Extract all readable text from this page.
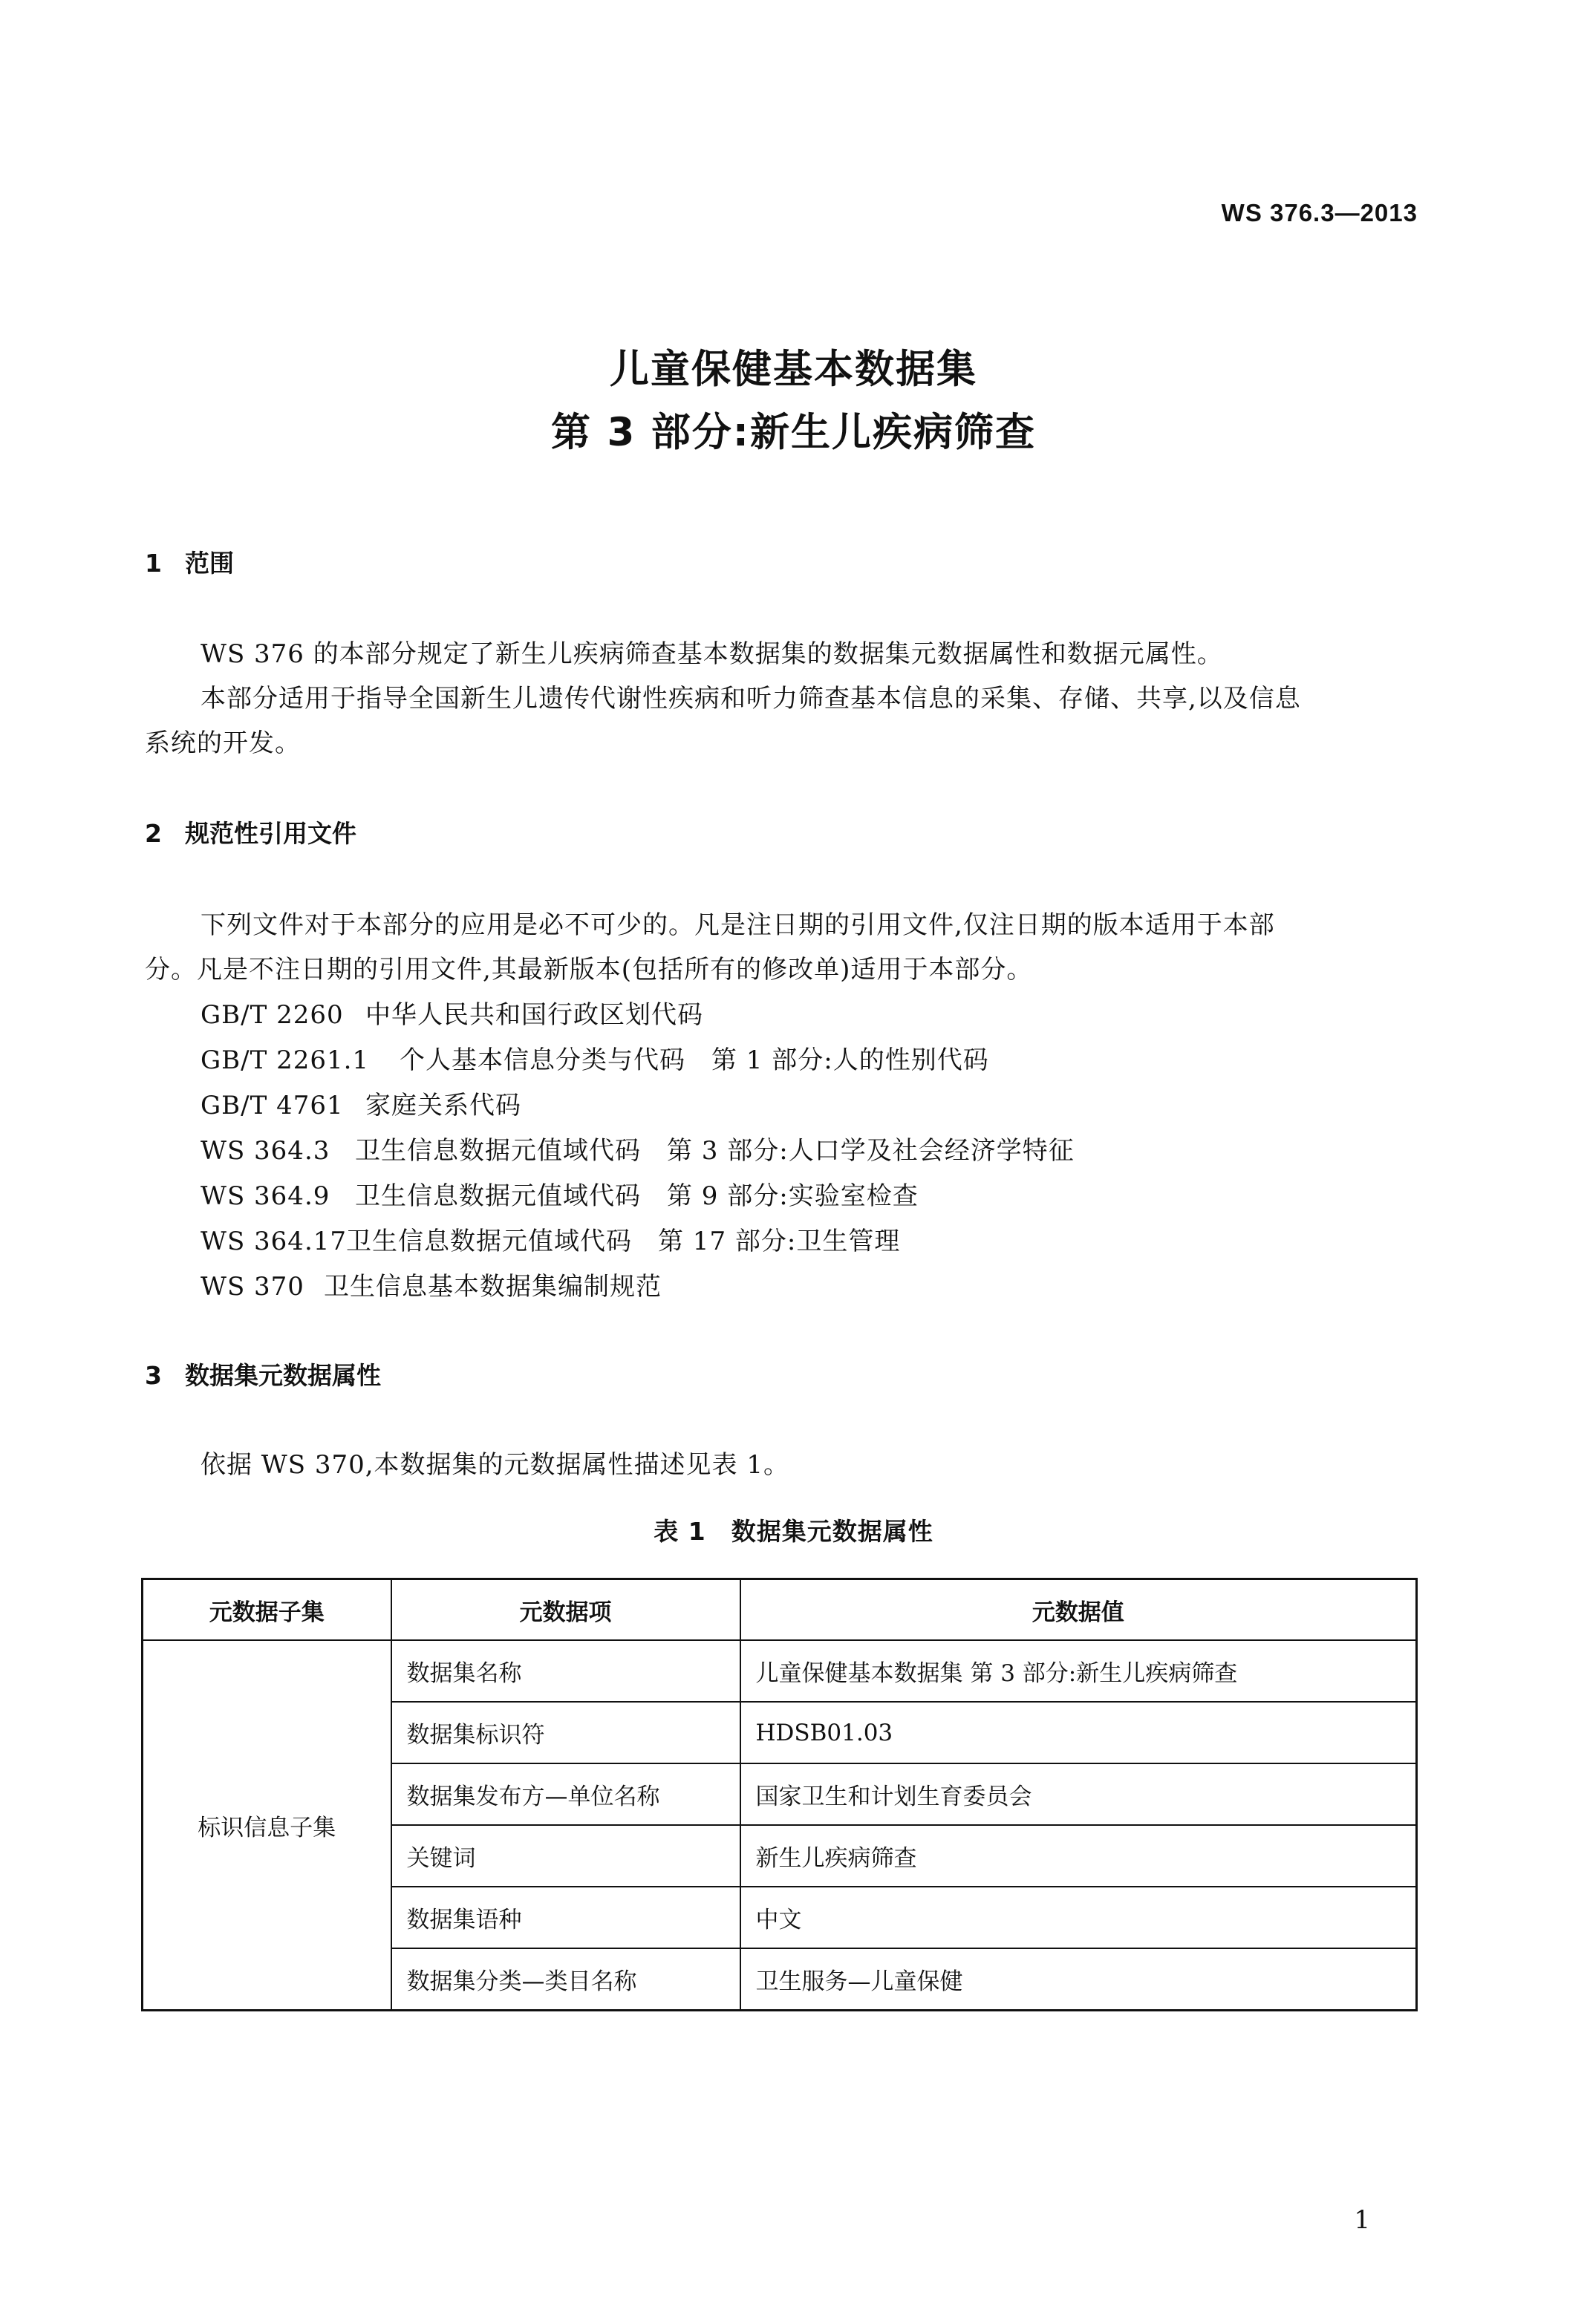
WS 376.3—2013
儿童保健基本数据集
第 3 部分:新生儿疾病筛查
1 范围
WS 376 的本部分规定了新生儿疾病筛查基本数据集的数据集元数据属性和数据元属性。
本部分适用于指导全国新生儿遗传代谢性疾病和听力筛查基本信息的采集、存储、共享,以及信息
系统的开发。
2 规范性引用文件
下列文件对于本部分的应用是必不可少的。凡是注日期的引用文件,仅注日期的版本适用于本部
分。凡是不注日期的引用文件,其最新版本(包括所有的修改单)适用于本部分。
GB/T 2260 中华人民共和国行政区划代码
GB/T 2261.1 个人基本信息分类与代码　第 1 部分:人的性别代码
GB/T 4761 家庭关系代码
WS 364.3 卫生信息数据元值域代码　第 3 部分:人口学及社会经济学特征
WS 364.9 卫生信息数据元值域代码　第 9 部分:实验室检查
WS 364.17卫生信息数据元值域代码　第 17 部分:卫生管理
WS 370 卫生信息基本数据集编制规范
3 数据集元数据属性
依据 WS 370,本数据集的元数据属性描述见表 1。
表 1　数据集元数据属性
元数据子集	元数据项	元数据值
标识信息子集	数据集名称	儿童保健基本数据集 第 3 部分:新生儿疾病筛查
	数据集标识符	HDSB01.03
	数据集发布方—单位名称	国家卫生和计划生育委员会
	关键词	新生儿疾病筛查
	数据集语种	中文
	数据集分类—类目名称	卫生服务—儿童保健
1
